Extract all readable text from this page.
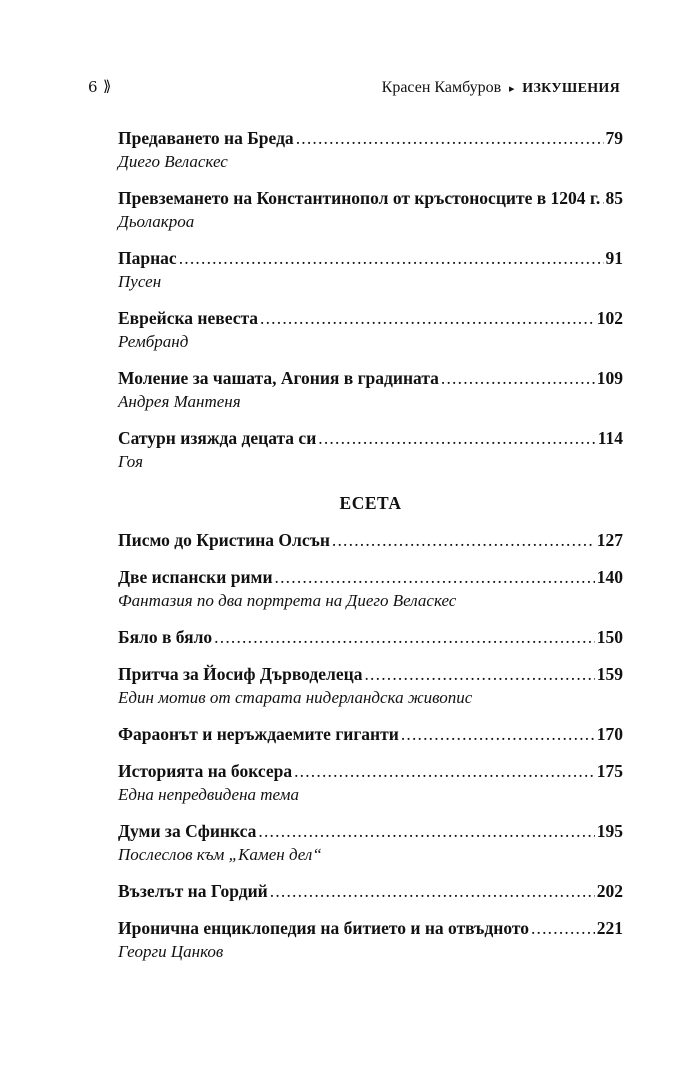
6 ⟫	Красен Камбуров ▸ ИЗКУШЕНИЯ
Предаването на Бреда .....	79
Диего Веласкес
Превземането на Константинопол от кръстоносците в 1204 г. ..... 85
Дьолакроа
Парнас .....	91
Пусен
Еврейска невеста .....	102
Рембранд
Моление за чашата, Агония в градината .....	109
Андрея Мантеня
Сатурн изяжда децата си .....	114
Гоя
ЕСЕТА
Писмо до Кристина Олсън .....	127
Две испански рими .....	140
Фантазия по два портрета на Диего Веласкес
Бяло в бяло .....	150
Притча за Йосиф Дърводелеца .....	159
Един мотив от старата нидерландска живопис
Фараонът и неръждаемите гиганти .....	170
Историята на боксера .....	175
Една непредвидена тема
Думи за Сфинкса .....	195
Послеслов към „Камен дел“
Възелът на Гордий .....	202
Иронична енциклопедия на битието и на отвъдното .....	221
Георги Цанков
